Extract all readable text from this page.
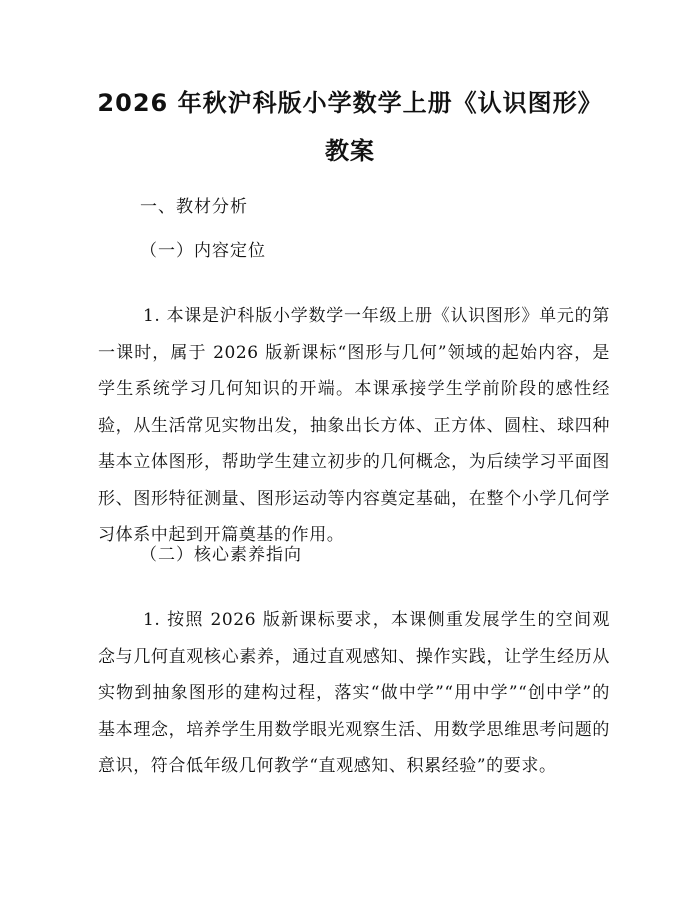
2026 年秋沪科版小学数学上册《认识图形》
教案
一、教材分析
（一）内容定位

1. 本课是沪科版小学数学一年级上册《认识图形》单元的第一课时，属于 2026 版新课标“图形与几何”领域的起始内容，是学生系统学习几何知识的开端。本课承接学生学前阶段的感性经验，从生活常见实物出发，抽象出长方体、正方体、圆柱、球四种基本立体图形，帮助学生建立初步的几何概念，为后续学习平面图形、图形特征测量、图形运动等内容奠定基础，在整个小学几何学习体系中起到开篇奠基的作用。

（二）核心素养指向

1. 按照 2026 版新课标要求，本课侧重发展学生的空间观念与几何直观核心素养，通过直观感知、操作实践，让学生经历从实物到抽象图形的建构过程，落实“做中学”“用中学”“创中学”的基本理念，培养学生用数学眼光观察生活、用数学思维思考问题的意识，符合低年级几何教学“直观感知、积累经验”的要求。
